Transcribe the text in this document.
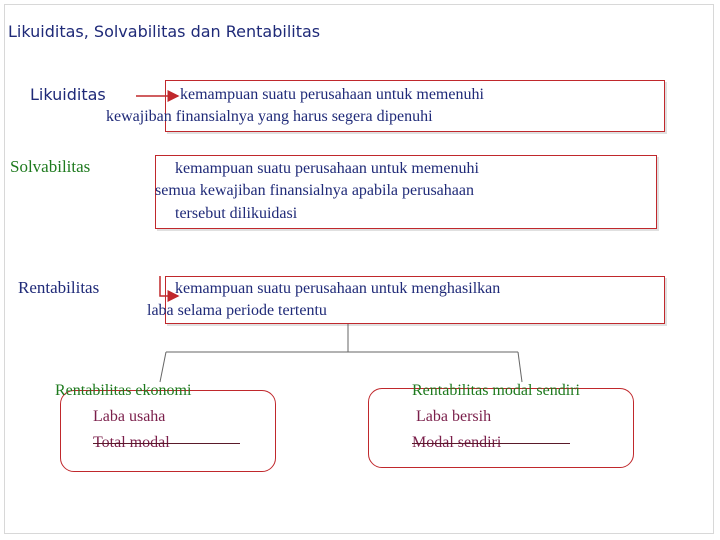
Likuiditas, Solvabilitas dan Rentabilitas
Likuiditas	kemampuan suatu perusahaan untuk memenuhi
kewajiban finansialnya yang harus segera dipenuhi
Solvabilitas	kemampuan suatu perusahaan untuk memenuhi
semua kewajiban finansialnya apabila perusahaan
tersebut dilikuidasi
Rentabilitas	kemampuan suatu perusahaan untuk menghasilkan
laba selama periode tertentu
Rentabilitas ekonomi
Laba usaha
Total modal
Rentabilitas modal sendiri
Laba bersih
Modal sendiri
